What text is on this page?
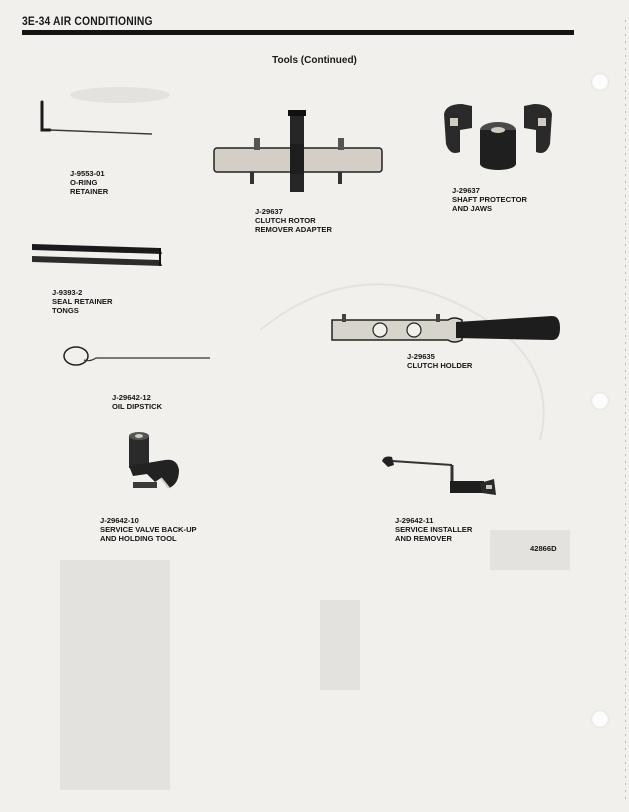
3E-34 AIR CONDITIONING
Tools (Continued)
J-9553-01
O-RING
RETAINER
J-29637
CLUTCH ROTOR
REMOVER ADAPTER
J-29637
SHAFT PROTECTOR
AND JAWS
J-9393-2
SEAL RETAINER
TONGS
J-29635
CLUTCH HOLDER
J-29642-12
OIL DIPSTICK
J-29642-10
SERVICE VALVE BACK-UP
AND HOLDING TOOL
J-29642-11
SERVICE INSTALLER
AND REMOVER
42866D
